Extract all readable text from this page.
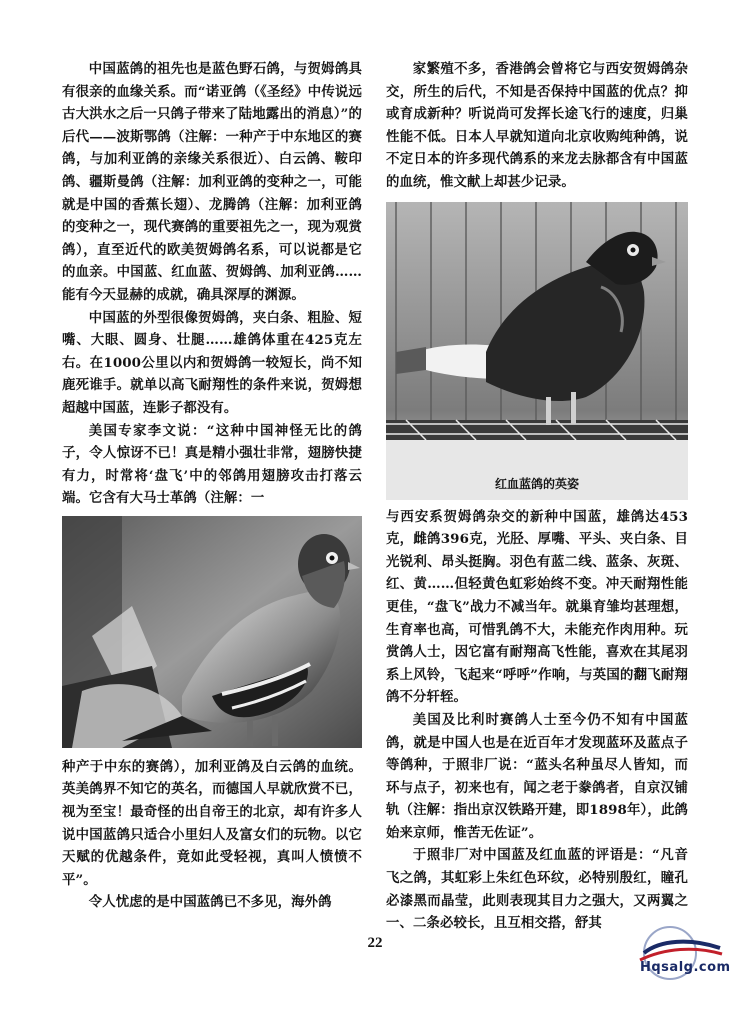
中国蓝鸽的祖先也是蓝色野石鸽，与贺姆鸽具有很亲的血缘关系。而“诺亚鸽（《圣经》中传说远古大洪水之后一只鸽子带来了陆地露出的消息）”的后代——波斯鄂鸽（注解：一种产于中东地区的赛鸽，与加利亚鸽的亲缘关系很近）、白云鸽、鞍印鸽、疆斯曼鸽（注解：加利亚鸽的变种之一，可能就是中国的香蕉长翅）、龙腾鸽（注解：加利亚鸽的变种之一，现代赛鸽的重要祖先之一，现为观赏鸽），直至近代的欧美贺姆鸽名系，可以说都是它的血亲。中国蓝、红血蓝、贺姆鸽、加利亚鸽……能有今天显赫的成就，确具深厚的渊源。

中国蓝的外型很像贺姆鸽，夹白条、粗脸、短嘴、大眼、圆身、壮腿……雄鸽体重在425克左右。在1000公里以内和贺姆鸽一较短长，尚不知鹿死谁手。就单以高飞耐翔性的条件来说，贺姆想超越中国蓝，连影子都没有。

美国专家李文说：“这种中国神怪无比的鸽子，令人惊讶不已！真是精小强壮非常，翅膀快捷有力，时常将‘盘飞’中的邻鸽用翅膀攻击打落云端。它含有大马士革鸽（注解：一

种产于中东的赛鸽），加利亚鸽及白云鸽的血统。英美鸽界不知它的英名，而德国人早就欣赏不已，视为至宝！最奇怪的出自帝王的北京，却有许多人说中国蓝鸽只适合小里妇人及富女们的玩物。以它天赋的优越条件，竟如此受轻视，真叫人愤愤不平”。

令人忧虑的是中国蓝鸽已不多见，海外鸽

家繁殖不多，香港鸽会曾将它与西安贺姆鸽杂交，所生的后代，不知是否保持中国蓝的优点？抑或育成新种？听说尚可发挥长途飞行的速度，归巢性能不低。日本人早就知道向北京收购纯种鸽，说不定日本的许多现代鸽系的来龙去脉都含有中国蓝的血统，惟文献上却甚少记录。

红血蓝鸽的英姿

与西安系贺姆鸽杂交的新种中国蓝，雄鸽达453克，雌鸽396克，光胫、厚嘴、平头、夹白条、目光锐利、昂头挺胸。羽色有蓝二线、蓝条、灰斑、红、黄……但轻黄色虹彩始终不变。冲天耐翔性能更佳，“盘飞”战力不减当年。就巢育雏均甚理想，生育率也高，可惜乳鸽不大，未能充作肉用种。玩赏鸽人士，因它富有耐翔高飞性能，喜欢在其尾羽系上风铃，飞起来“呼呼”作响，与英国的翻飞耐翔鸽不分轩轾。

美国及比利时赛鸽人士至今仍不知有中国蓝鸽，就是中国人也是在近百年才发现蓝环及蓝点子等鸽种，于照非厂说：“蓝头名种虽尽人皆知，而环与点子，初来也有，闻之老于豢鸽者，自京汉铺轨（注解：指出京汉铁路开建，即1898年），此鸽始来京师，惟苦无佐证”。

于照非厂对中国蓝及红血蓝的评语是：“凡音飞之鸽，其虹彩上朱红色环纹，必特别殷红，瞳孔必漆黑而晶莹，此则表现其目力之强大，又两翼之一、二条必较长，且互相交搭，舒其

22
Hqsalg.com
